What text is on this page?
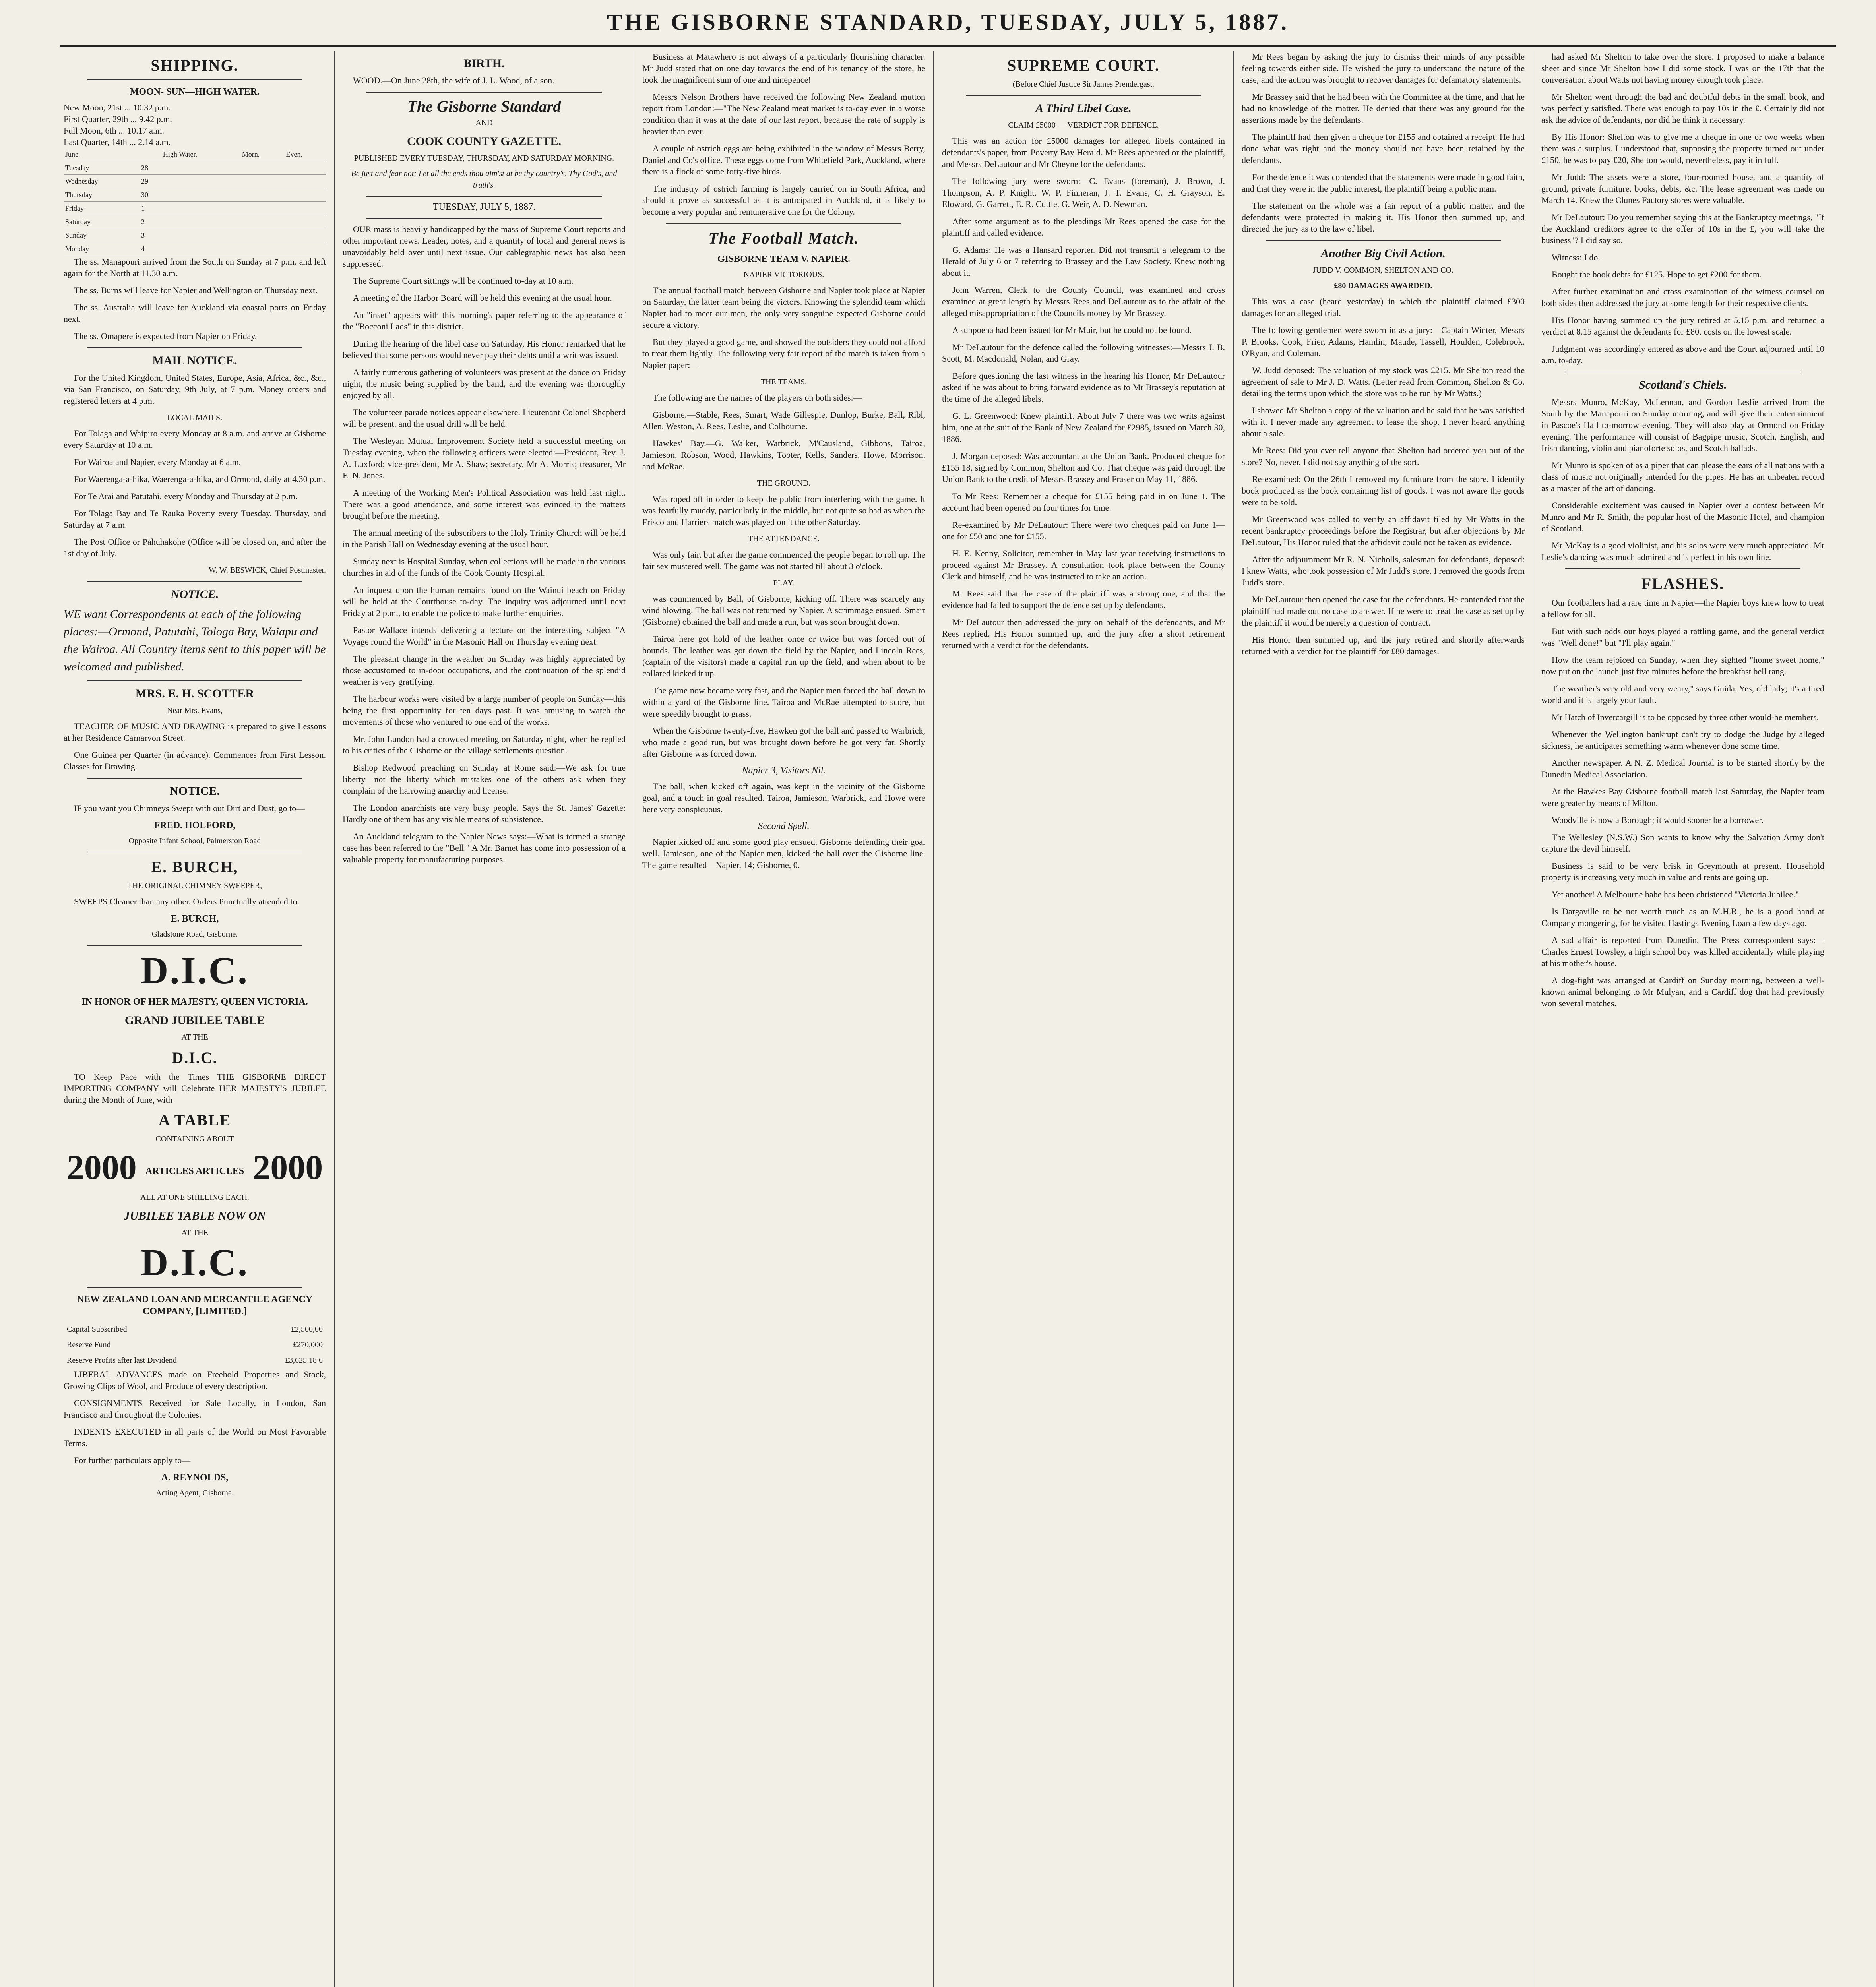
THE GISBORNE STANDARD, TUESDAY, JULY 5, 1887.
SHIPPING.
MOON- SUN—HIGH WATER.
New Moon, 21st ... 10.32 p.m.
First Quarter, 29th ... 9.42 p.m.
Full Moon, 6th ... 10.17 a.m.
Last Quarter, 14th ... 2.14 a.m.
June.		High Water.	Morn.	Even.
Tuesday	28			
Wednesday	29			
Thursday	30			
Friday	1			
Saturday	2			
Sunday	3			
Monday	4			

The ss. Manapouri arrived from the South on Sunday at 7 p.m. and left again for the North at 11.30 a.m.

The ss. Burns will leave for Napier and Wellington on Thursday next.

The ss. Australia will leave for Auckland via coastal ports on Friday next.

The ss. Omapere is expected from Napier on Friday.

MAIL NOTICE.

For the United Kingdom, United States, Europe, Asia, Africa, &c., &c., via San Francisco, on Saturday, 9th July, at 7 p.m. Money orders and registered letters at 4 p.m.

LOCAL MAILS.

For Tolaga and Waipiro every Monday at 8 a.m. and arrive at Gisborne every Saturday at 10 a.m.

For Wairoa and Napier, every Monday at 6 a.m.

For Waerenga-a-hika, Waerenga-a-hika, and Ormond, daily at 4.30 p.m.

For Te Arai and Patutahi, every Monday and Thursday at 2 p.m.

For Tolaga Bay and Te Rauka Poverty every Tuesday, Thursday, and Saturday at 7 a.m.

The Post Office or Pahuhakohe (Office will be closed on, and after the 1st day of July.

W. W. BESWICK, Chief Postmaster.
NOTICE.
WE want Correspondents at each of the following places:—Ormond, Patutahi, Tologa Bay, Waiapu and the Wairoa. All Country items sent to this paper will be welcomed and published.
MRS. E. H. SCOTTER
Near Mrs. Evans,

TEACHER OF MUSIC AND DRAWING is prepared to give Lessons at her Residence Carnarvon Street.

One Guinea per Quarter (in advance). Commences from First Lesson. Classes for Drawing.

NOTICE.

IF you want you Chimneys Swept with out Dirt and Dust, go to—

FRED. HOLFORD,
Opposite Infant School, Palmerston Road
E. BURCH,
THE ORIGINAL CHIMNEY SWEEPER,

SWEEPS Cleaner than any other. Orders Punctually attended to.

E. BURCH,
Gladstone Road, Gisborne.
D.I.C.
IN HONOR OF HER MAJESTY, QUEEN VICTORIA.
GRAND JUBILEE TABLE
AT THE
D.I.C.

TO Keep Pace with the Times THE GISBORNE DIRECT IMPORTING COMPANY will Celebrate HER MAJESTY'S JUBILEE during the Month of June, with

A TABLE
CONTAINING ABOUT
2000 ARTICLES ARTICLES 2000
ALL AT ONE SHILLING EACH.
JUBILEE TABLE NOW ON
AT THE
D.I.C.
NEW ZEALAND LOAN AND MERCANTILE AGENCY COMPANY, [LIMITED.]
Capital Subscribed	£2,500,00
Reserve Fund	£270,000
Reserve Profits after last Dividend	£3,625 18 6

LIBERAL ADVANCES made on Freehold Properties and Stock, Growing Clips of Wool, and Produce of every description.

CONSIGNMENTS Received for Sale Locally, in London, San Francisco and throughout the Colonies.

INDENTS EXECUTED in all parts of the World on Most Favorable Terms.

For further particulars apply to—

A. REYNOLDS,
Acting Agent, Gisborne.
BIRTH.

WOOD.—On June 28th, the wife of J. L. Wood, of a son.

The Gisborne Standard
AND
COOK COUNTY GAZETTE.
PUBLISHED EVERY TUESDAY, THURSDAY, AND SATURDAY MORNING.
Be just and fear not; Let all the ends thou aim'st at be thy country's, Thy God's, and truth's.
TUESDAY, JULY 5, 1887.

OUR mass is heavily handicapped by the mass of Supreme Court reports and other important news. Leader, notes, and a quantity of local and general news is unavoidably held over until next issue. Our cablegraphic news has also been suppressed.

The Supreme Court sittings will be continued to-day at 10 a.m.

A meeting of the Harbor Board will be held this evening at the usual hour.

An "inset" appears with this morning's paper referring to the appearance of the "Bocconi Lads" in this district.

During the hearing of the libel case on Saturday, His Honor remarked that he believed that some persons would never pay their debts until a writ was issued.

A fairly numerous gathering of volunteers was present at the dance on Friday night, the music being supplied by the band, and the evening was thoroughly enjoyed by all.

The volunteer parade notices appear elsewhere. Lieutenant Colonel Shepherd will be present, and the usual drill will be held.

The Wesleyan Mutual Improvement Society held a successful meeting on Tuesday evening, when the following officers were elected:—President, Rev. J. A. Luxford; vice-president, Mr A. Shaw; secretary, Mr A. Morris; treasurer, Mr E. N. Jones.

A meeting of the Working Men's Political Association was held last night. There was a good attendance, and some interest was evinced in the matters brought before the meeting.

The annual meeting of the subscribers to the Holy Trinity Church will be held in the Parish Hall on Wednesday evening at the usual hour.

Sunday next is Hospital Sunday, when collections will be made in the various churches in aid of the funds of the Cook County Hospital.

An inquest upon the human remains found on the Wainui beach on Friday will be held at the Courthouse to-day. The inquiry was adjourned until next Friday at 2 p.m., to enable the police to make further enquiries.

Pastor Wallace intends delivering a lecture on the interesting subject "A Voyage round the World" in the Masonic Hall on Thursday evening next.

The pleasant change in the weather on Sunday was highly appreciated by those accustomed to in-door occupations, and the continuation of the splendid weather is very gratifying.

The harbour works were visited by a large number of people on Sunday—this being the first opportunity for ten days past. It was amusing to watch the movements of those who ventured to one end of the works.

Mr. John Lundon had a crowded meeting on Saturday night, when he replied to his critics of the Gisborne on the village settlements question.

Bishop Redwood preaching on Sunday at Rome said:—We ask for true liberty—not the liberty which mistakes one of the others ask when they complain of the harrowing anarchy and license.

The London anarchists are very busy people. Says the St. James' Gazette: Hardly one of them has any visible means of subsistence.

An Auckland telegram to the Napier News says:—What is termed a strange case has been referred to the "Bell." A Mr. Barnet has come into possession of a valuable property for manufacturing purposes.

Business at Matawhero is not always of a particularly flourishing character. Mr Judd stated that on one day towards the end of his tenancy of the store, he took the magnificent sum of one and ninepence!

Messrs Nelson Brothers have received the following New Zealand mutton report from London:—"The New Zealand meat market is to-day even in a worse condition than it was at the date of our last report, because the rate of supply is heavier than ever.

A couple of ostrich eggs are being exhibited in the window of Messrs Berry, Daniel and Co's office. These eggs come from Whitefield Park, Auckland, where there is a flock of some forty-five birds.

The industry of ostrich farming is largely carried on in South Africa, and should it prove as successful as it is anticipated in Auckland, it is likely to become a very popular and remunerative one for the Colony.

The Football Match.
GISBORNE TEAM V. NAPIER.
NAPIER VICTORIOUS.

The annual football match between Gisborne and Napier took place at Napier on Saturday, the latter team being the victors. Knowing the splendid team which Napier had to meet our men, the only very sanguine expected Gisborne could secure a victory.

But they played a good game, and showed the outsiders they could not afford to treat them lightly. The following very fair report of the match is taken from a Napier paper:—

THE TEAMS.

The following are the names of the players on both sides:—

Gisborne.—Stable, Rees, Smart, Wade Gillespie, Dunlop, Burke, Ball, Ribl, Allen, Weston, A. Rees, Leslie, and Colbourne.

Hawkes' Bay.—G. Walker, Warbrick, M'Causland, Gibbons, Tairoa, Jamieson, Robson, Wood, Hawkins, Tooter, Kells, Sanders, Howe, Morrison, and McRae.

THE GROUND.

Was roped off in order to keep the public from interfering with the game. It was fearfully muddy, particularly in the middle, but not quite so bad as when the Frisco and Harriers match was played on it the other Saturday.

THE ATTENDANCE.

Was only fair, but after the game commenced the people began to roll up. The fair sex mustered well. The game was not started till about 3 o'clock.

PLAY.

was commenced by Ball, of Gisborne, kicking off. There was scarcely any wind blowing. The ball was not returned by Napier. A scrimmage ensued. Smart (Gisborne) obtained the ball and made a run, but was soon brought down.

Tairoa here got hold of the leather once or twice but was forced out of bounds. The leather was got down the field by the Napier, and Lincoln Rees, (captain of the visitors) made a capital run up the field, and when about to be collared kicked it up.

The game now became very fast, and the Napier men forced the ball down to within a yard of the Gisborne line. Tairoa and McRae attempted to score, but were speedily brought to grass.

When the Gisborne twenty-five, Hawken got the ball and passed to Warbrick, who made a good run, but was brought down before he got very far. Shortly after Gisborne was forced down.

Napier 3, Visitors Nil.

The ball, when kicked off again, was kept in the vicinity of the Gisborne goal, and a touch in goal resulted. Tairoa, Jamieson, Warbrick, and Howe were here very conspicuous.

Second Spell.

Napier kicked off and some good play ensued, Gisborne defending their goal well. Jamieson, one of the Napier men, kicked the ball over the Gisborne line. The game resulted—Napier, 14; Gisborne, 0.

SUPREME COURT.
(Before Chief Justice Sir James Prendergast.
A Third Libel Case.
CLAIM £5000 — VERDICT FOR DEFENCE.

This was an action for £5000 damages for alleged libels contained in defendants's paper, from Poverty Bay Herald. Mr Rees appeared or the plaintiff, and Messrs DeLautour and Mr Cheyne for the defendants.

The following jury were sworn:—C. Evans (foreman), J. Brown, J. Thompson, A. P. Knight, W. P. Finneran, J. T. Evans, C. H. Grayson, E. Eloward, G. Garrett, E. R. Cuttle, G. Weir, A. D. Newman.

After some argument as to the pleadings Mr Rees opened the case for the plaintiff and called evidence.

G. Adams: He was a Hansard reporter. Did not transmit a telegram to the Herald of July 6 or 7 referring to Brassey and the Law Society. Knew nothing about it.

John Warren, Clerk to the County Council, was examined and cross examined at great length by Messrs Rees and DeLautour as to the affair of the alleged misappropriation of the Councils money by Mr Brassey.

A subpoena had been issued for Mr Muir, but he could not be found.

Mr DeLautour for the defence called the following witnesses:—Messrs J. B. Scott, M. Macdonald, Nolan, and Gray.

Before questioning the last witness in the hearing his Honor, Mr DeLautour asked if he was about to bring forward evidence as to Mr Brassey's reputation at the time of the alleged libels.

G. L. Greenwood: Knew plaintiff. About July 7 there was two writs against him, one at the suit of the Bank of New Zealand for £2985, issued on March 30, 1886.

J. Morgan deposed: Was accountant at the Union Bank. Produced cheque for £155 18, signed by Common, Shelton and Co. That cheque was paid through the Union Bank to the credit of Messrs Brassey and Fraser on May 11, 1886.

To Mr Rees: Remember a cheque for £155 being paid in on June 1. The account had been opened on four times for time.

Re-examined by Mr DeLautour: There were two cheques paid on June 1—one for £50 and one for £155.

H. E. Kenny, Solicitor, remember in May last year receiving instructions to proceed against Mr Brassey. A consultation took place between the County Clerk and himself, and he was instructed to take an action.

Mr Rees said that the case of the plaintiff was a strong one, and that the evidence had failed to support the defence set up by defendants.

Mr DeLautour then addressed the jury on behalf of the defendants, and Mr Rees replied. His Honor summed up, and the jury after a short retirement returned with a verdict for the defendants.

Mr Rees began by asking the jury to dismiss their minds of any possible feeling towards either side. He wished the jury to understand the nature of the case, and the action was brought to recover damages for defamatory statements.

Mr Brassey said that he had been with the Committee at the time, and that he had no knowledge of the matter. He denied that there was any ground for the assertions made by the defendants.

The plaintiff had then given a cheque for £155 and obtained a receipt. He had done what was right and the money should not have been retained by the defendants.

For the defence it was contended that the statements were made in good faith, and that they were in the public interest, the plaintiff being a public man.

The statement on the whole was a fair report of a public matter, and the defendants were protected in making it. His Honor then summed up, and directed the jury as to the law of libel.

Another Big Civil Action.
JUDD V. COMMON, SHELTON AND CO.
£80 DAMAGES AWARDED.

This was a case (heard yesterday) in which the plaintiff claimed £300 damages for an alleged trial.

The following gentlemen were sworn in as a jury:—Captain Winter, Messrs P. Brooks, Cook, Frier, Adams, Hamlin, Maude, Tassell, Houlden, Colebrook, O'Ryan, and Coleman.

W. Judd deposed: The valuation of my stock was £215. Mr Shelton read the agreement of sale to Mr J. D. Watts. (Letter read from Common, Shelton & Co. detailing the terms upon which the store was to be run by Mr Watts.)

I showed Mr Shelton a copy of the valuation and he said that he was satisfied with it. I never made any agreement to lease the shop. I never heard anything about a sale.

Mr Rees: Did you ever tell anyone that Shelton had ordered you out of the store? No, never. I did not say anything of the sort.

Re-examined: On the 26th I removed my furniture from the store. I identify book produced as the book containing list of goods. I was not aware the goods were to be sold.

Mr Greenwood was called to verify an affidavit filed by Mr Watts in the recent bankruptcy proceedings before the Registrar, but after objections by Mr DeLautour, His Honor ruled that the affidavit could not be taken as evidence.

After the adjournment Mr R. N. Nicholls, salesman for defendants, deposed: I knew Watts, who took possession of Mr Judd's store. I removed the goods from Judd's store.

Mr DeLautour then opened the case for the defendants. He contended that the plaintiff had made out no case to answer. If he were to treat the case as set up by the plaintiff it would be merely a question of contract.

His Honor then summed up, and the jury retired and shortly afterwards returned with a verdict for the plaintiff for £80 damages.

had asked Mr Shelton to take over the store. I proposed to make a balance sheet and since Mr Shelton bow I did some stock. I was on the 17th that the conversation about Watts not having money enough took place.

Mr Shelton went through the bad and doubtful debts in the small book, and was perfectly satisfied. There was enough to pay 10s in the £. Certainly did not ask the advice of defendants, nor did he think it necessary.

By His Honor: Shelton was to give me a cheque in one or two weeks when there was a surplus. I understood that, supposing the property turned out under £150, he was to pay £20, Shelton would, nevertheless, pay it in full.

Mr Judd: The assets were a store, four-roomed house, and a quantity of ground, private furniture, books, debts, &c. The lease agreement was made on March 14. Knew the Clunes Factory stores were valuable.

Mr DeLautour: Do you remember saying this at the Bankruptcy meetings, "If the Auckland creditors agree to the offer of 10s in the £, you will take the business"? I did say so.

Witness: I do.

Bought the book debts for £125. Hope to get £200 for them.

After further examination and cross examination of the witness counsel on both sides then addressed the jury at some length for their respective clients.

His Honor having summed up the jury retired at 5.15 p.m. and returned a verdict at 8.15 against the defendants for £80, costs on the lowest scale.

Judgment was accordingly entered as above and the Court adjourned until 10 a.m. to-day.

Scotland's Chiels.

Messrs Munro, McKay, McLennan, and Gordon Leslie arrived from the South by the Manapouri on Sunday morning, and will give their entertainment in Pascoe's Hall to-morrow evening. They will also play at Ormond on Friday evening. The performance will consist of Bagpipe music, Scotch, English, and Irish dancing, violin and pianoforte solos, and Scotch ballads.

Mr Munro is spoken of as a piper that can please the ears of all nations with a class of music not originally intended for the pipes. He has an unbeaten record as a master of the art of dancing.

Considerable excitement was caused in Napier over a contest between Mr Munro and Mr R. Smith, the popular host of the Masonic Hotel, and champion of Scotland.

Mr McKay is a good violinist, and his solos were very much appreciated. Mr Leslie's dancing was much admired and is perfect in his own line.

FLASHES.

Our footballers had a rare time in Napier—the Napier boys knew how to treat a fellow for all.

But with such odds our boys played a rattling game, and the general verdict was "Well done!" but "I'll play again."

How the team rejoiced on Sunday, when they sighted "home sweet home," now put on the launch just five minutes before the breakfast bell rang.

The weather's very old and very weary," says Guida. Yes, old lady; it's a tired world and it is largely your fault.

Mr Hatch of Invercargill is to be opposed by three other would-be members.

Whenever the Wellington bankrupt can't try to dodge the Judge by alleged sickness, he anticipates something warm whenever done some time.

Another newspaper. A N. Z. Medical Journal is to be started shortly by the Dunedin Medical Association.

At the Hawkes Bay Gisborne football match last Saturday, the Napier team were greater by means of Milton.

Woodville is now a Borough; it would sooner be a borrower.

The Wellesley (N.S.W.) Son wants to know why the Salvation Army don't capture the devil himself.

Business is said to be very brisk in Greymouth at present. Household property is increasing very much in value and rents are going up.

Yet another! A Melbourne babe has been christened "Victoria Jubilee."

Is Dargaville to be not worth much as an M.H.R., he is a good hand at Company mongering, for he visited Hastings Evening Loan a few days ago.

A sad affair is reported from Dunedin. The Press correspondent says:—Charles Ernest Towsley, a high school boy was killed accidentally while playing at his mother's house.

A dog-fight was arranged at Cardiff on Sunday morning, between a well-known animal belonging to Mr Mulyan, and a Cardiff dog that had previously won several matches.
